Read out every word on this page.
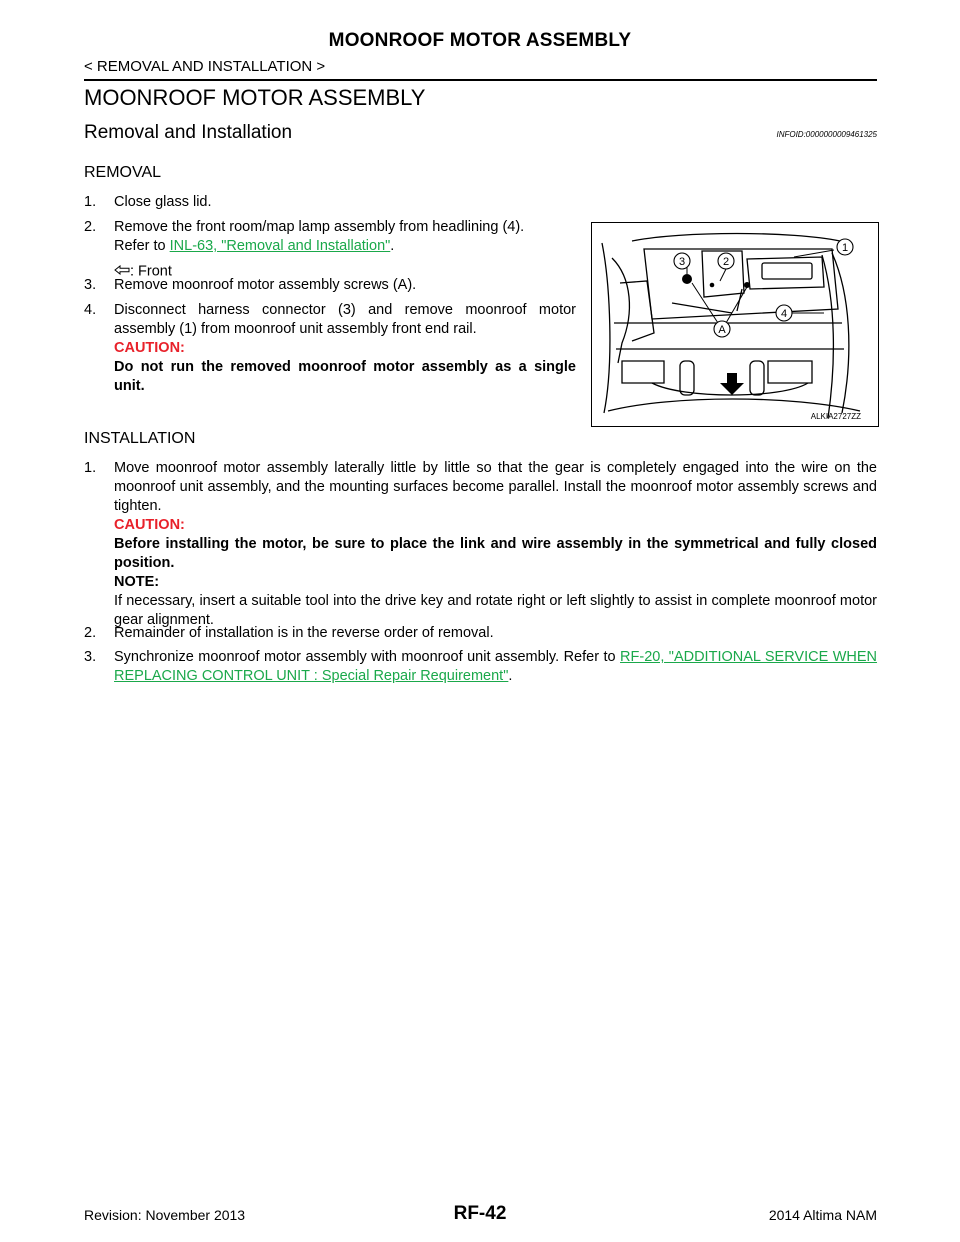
MOONROOF MOTOR ASSEMBLY
< REMOVAL AND INSTALLATION >
MOONROOF MOTOR ASSEMBLY
Removal and Installation	INFOID:0000000009461325
REMOVAL
1. Close glass lid.
2. Remove the front room/map lamp assembly from headlining (4).
Refer to INL-63, "Removal and Installation".
: Front
3. Remove moonroof motor assembly screws (A).
4. Disconnect harness connector (3) and remove moonroof motor assembly (1) from moonroof unit assembly front end rail.
CAUTION:
Do not run the removed moonroof motor assembly as a single unit.
1
2
3
4
A
ALKIA2727ZZ
INSTALLATION
1. Move moonroof motor assembly laterally little by little so that the gear is completely engaged into the wire on the moonroof unit assembly, and the mounting surfaces become parallel. Install the moonroof motor assembly screws and tighten.
CAUTION:
Before installing the motor, be sure to place the link and wire assembly in the symmetrical and fully closed position.
NOTE:
If necessary, insert a suitable tool into the drive key and rotate right or left slightly to assist in complete moonroof motor gear alignment.
2. Remainder of installation is in the reverse order of removal.
3. Synchronize moonroof motor assembly with moonroof unit assembly. Refer to RF-20, "ADDITIONAL SERVICE WHEN REPLACING CONTROL UNIT : Special Repair Requirement".
Revision: November 2013	RF-42	2014 Altima NAM
